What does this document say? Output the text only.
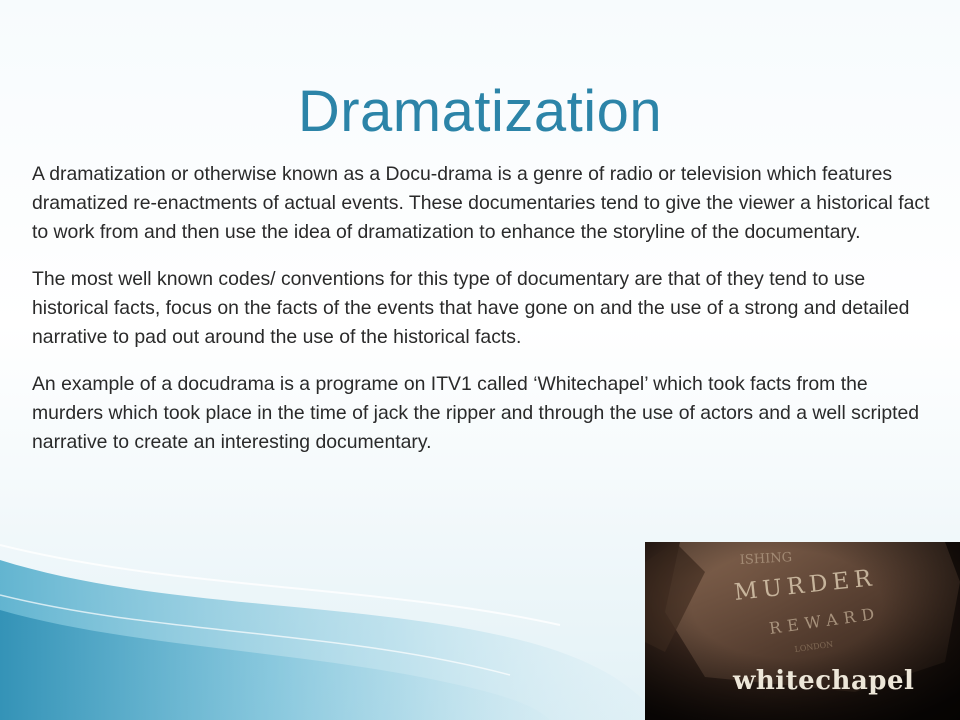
Dramatization

A dramatization or otherwise known as a Docu-drama is a genre of radio or television which features dramatized re-enactments of actual events. These documentaries tend to give the viewer a historical fact to work from and then use the idea of dramatization to enhance the storyline of the documentary.

The most well known codes/ conventions for this type of documentary are that of they tend to use historical facts, focus on the facts of the events that have gone on and the use of a strong and detailed narrative to pad out around the use of the historical facts.

An example of a docudrama is a programe on ITV1 called ‘Whitechapel’ which took facts from the murders which took place in the time of jack the ripper and through the use of actors and a well scripted narrative to create an interesting documentary.

whitechapel
